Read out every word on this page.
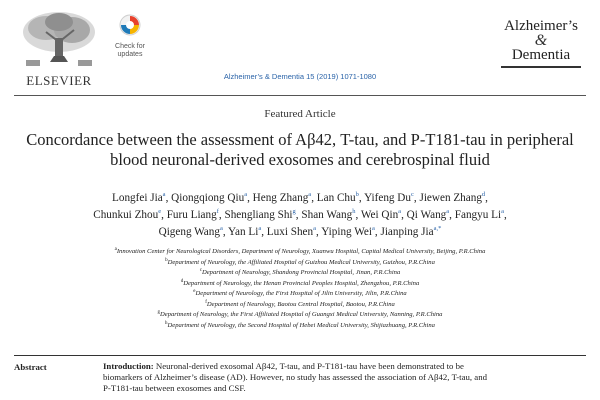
ELSEVIER
Check for
updates
Alzheimer’s & Dementia 15 (2019) 1071-1080
Alzheimer’s
&
Dementia
Featured Article
Concordance between the assessment of Aβ42, T-tau, and P-T181-tau in peripheral blood neuronal-derived exosomes and cerebrospinal fluid
Longfei Jia$^a$, Qiongqiong Qiu$^a$, Heng Zhang$^a$, Lan Chu$^b$, Yifeng Du$^c$, Jiewen Zhang$^d$,
Chunkui Zhou$^e$, Furu Liang$^f$, Shengliang Shi$^g$, Shan Wang$^h$, Wei Qin$^a$, Qi Wang$^a$, Fangyu Li$^a$,
Qigeng Wang$^a$, Yan Li$^a$, Luxi Shen$^a$, Yiping Wei$^a$, Jianping Jia$^{a,*}$
$^a$Innovation Center for Neurological Disorders, Department of Neurology, Xuanwu Hospital, Capital Medical University, Beijing, P.R.China
$^b$Department of Neurology, the Affiliated Hospital of Guizhou Medical University, Guizhou, P.R.China
$^c$Department of Neurology, Shandong Provincial Hospital, Jinan, P.R.China
$^d$Department of Neurology, the Henan Provincial Peoples Hospital, Zhengzhou, P.R.China
$^e$Department of Neurology, the First Hospital of Jilin University, Jilin, P.R.China
$^f$Department of Neurology, Baotou Central Hospital, Baotou, P.R.China
$^g$Department of Neurology, the First Affiliated Hospital of Guangxi Medical University, Nanning, P.R.China
$^h$Department of Neurology, the Second Hospital of Hebei Medical University, Shijiazhuang, P.R.China
Abstract	Introduction: Neuronal-derived exosomal Aβ42, T-tau, and P-T181-tau have been demonstrated to be biomarkers of Alzheimer’s disease (AD). However, no study has assessed the association of Aβ42, T-tau, and P-T181-tau between exosomes and CSF.
